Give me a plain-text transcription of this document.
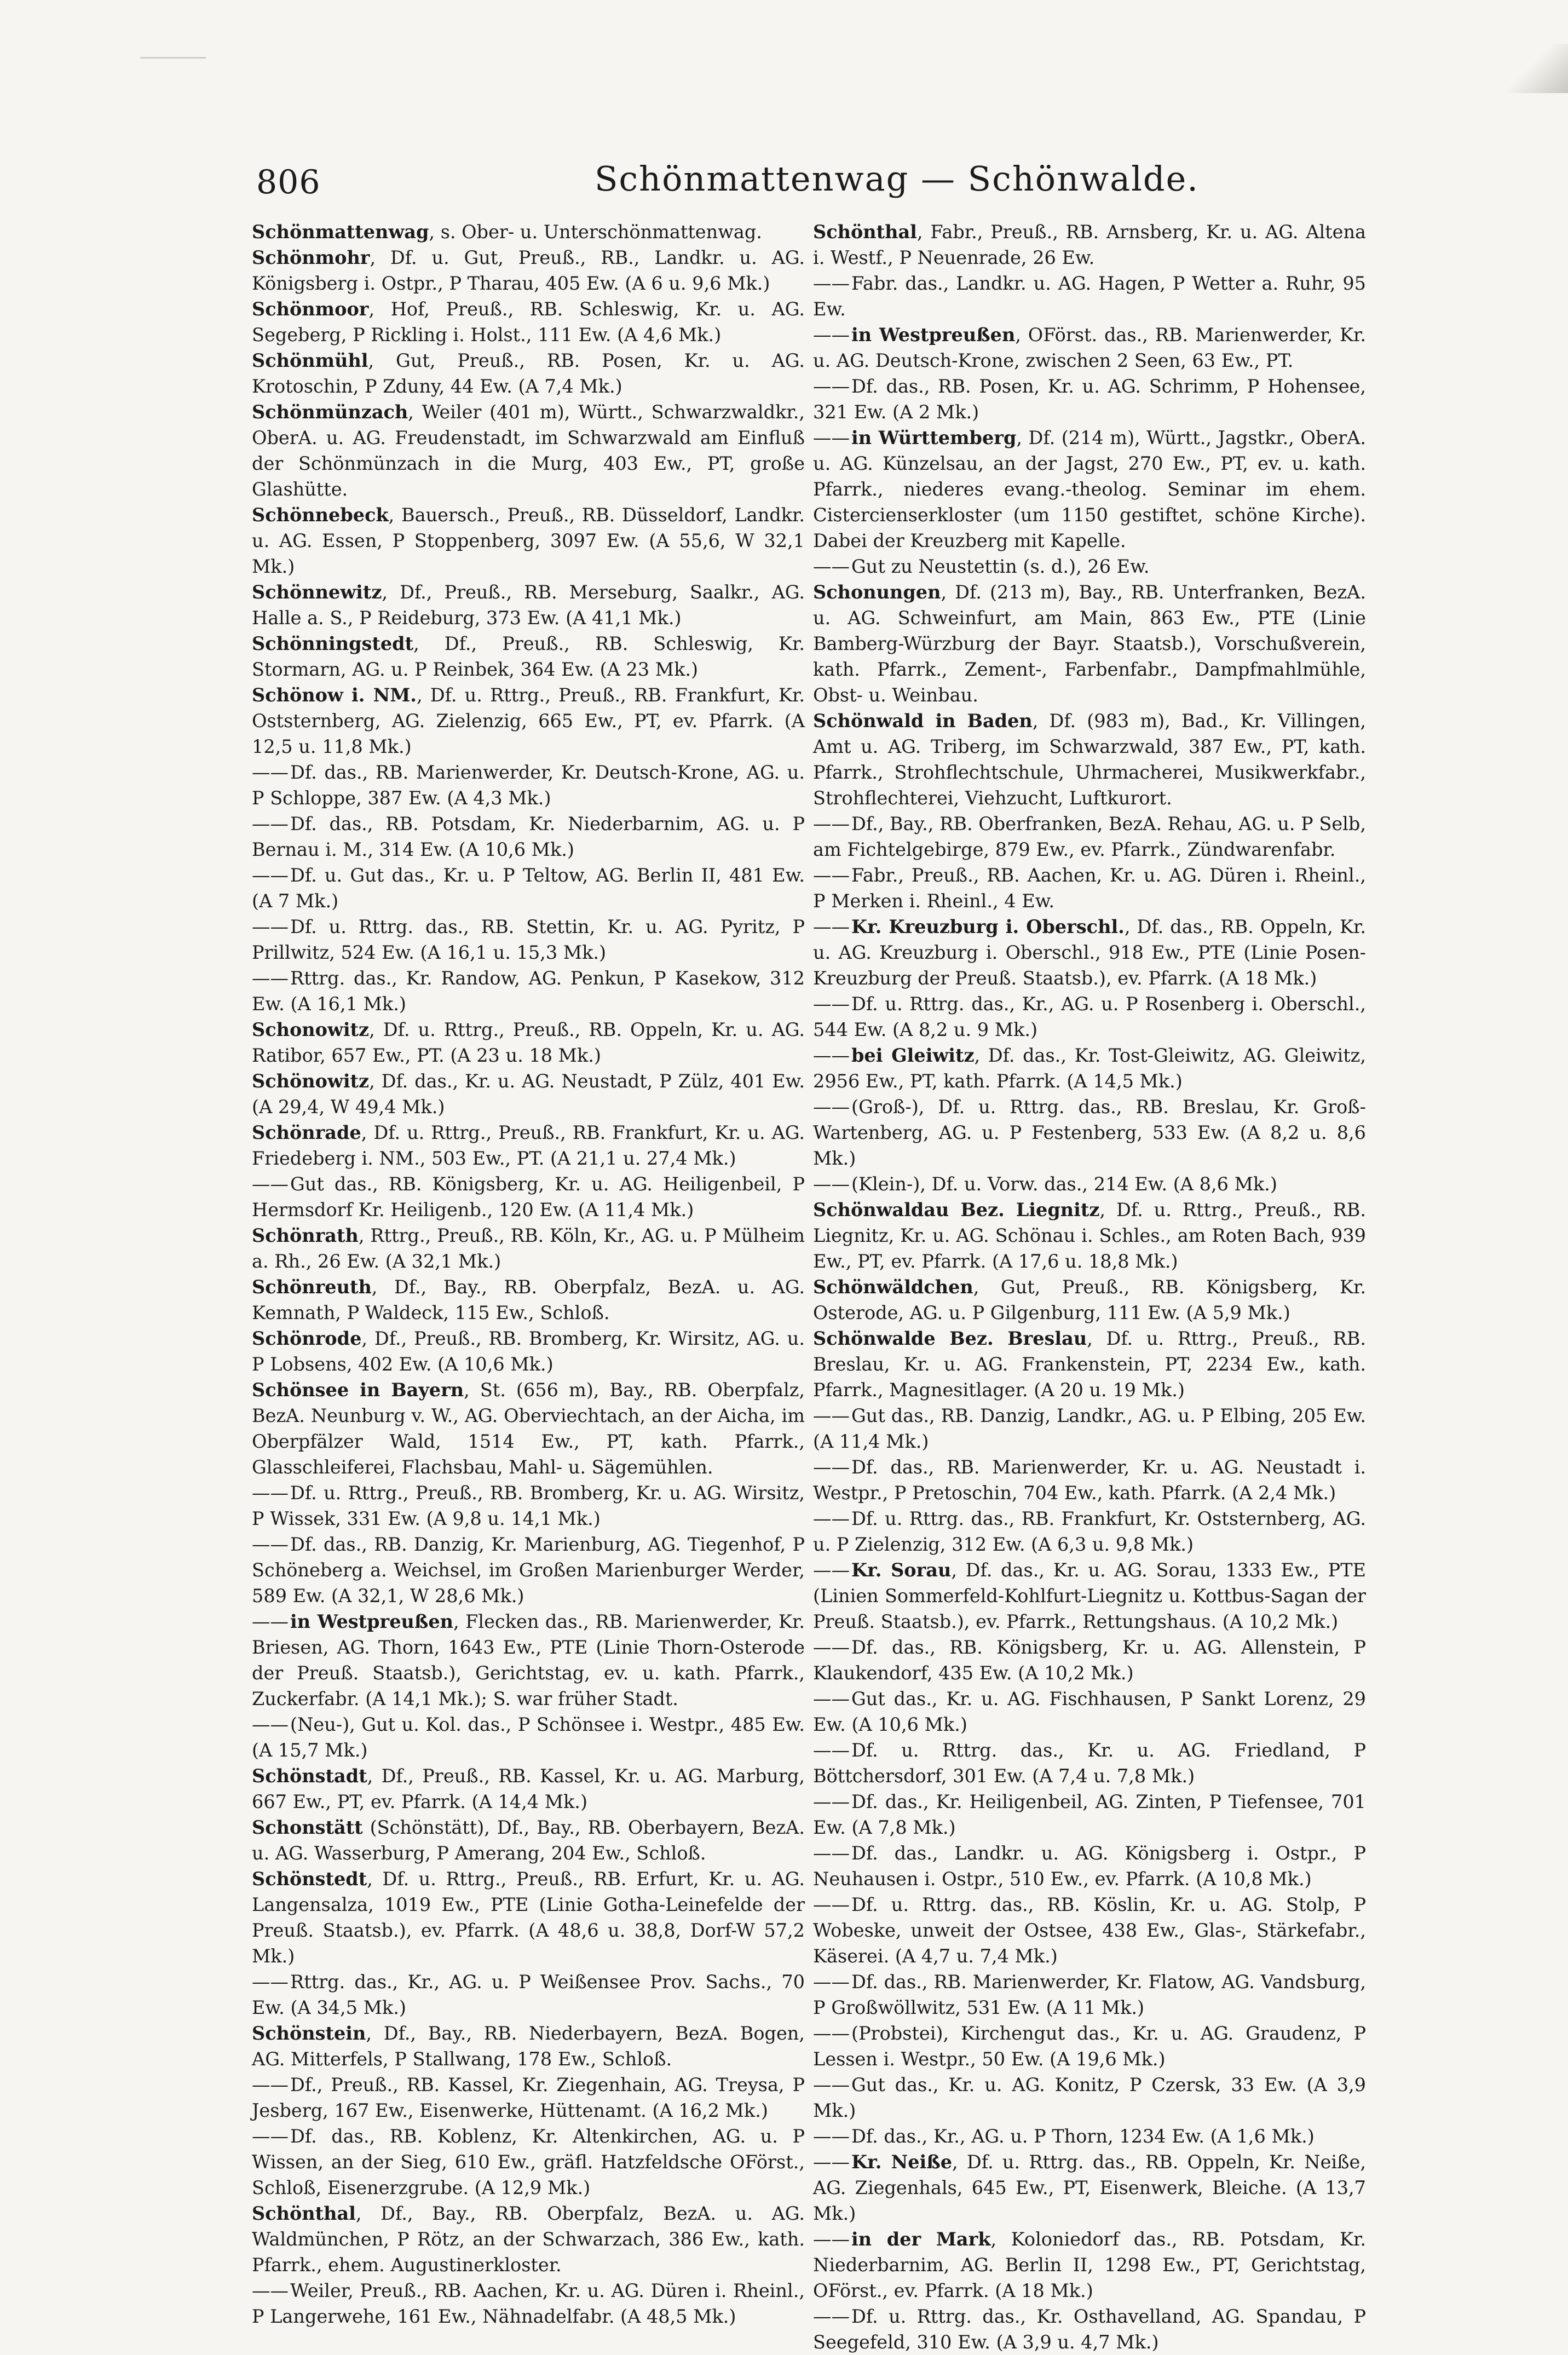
806	Schönmattenwag — Schönwalde.

Schönmattenwag, s. Ober- u. Unterschönmattenwag.

Schönmohr, Df. u. Gut, Preuß., RB., Landkr. u. AG. Königsberg i. Ostpr., P Tharau, 405 Ew. (A 6 u. 9,6 Mk.)

Schönmoor, Hof, Preuß., RB. Schleswig, Kr. u. AG. Segeberg, P Rickling i. Holst., 111 Ew. (A 4,6 Mk.)

Schönmühl, Gut, Preuß., RB. Posen, Kr. u. AG. Krotoschin, P Zduny, 44 Ew. (A 7,4 Mk.)

Schönmünzach, Weiler (401 m), Württ., Schwarzwaldkr., OberA. u. AG. Freudenstadt, im Schwarzwald am Einfluß der Schönmünzach in die Murg, 403 Ew., PT, große Glashütte.

Schönnebeck, Bauersch., Preuß., RB. Düsseldorf, Landkr. u. AG. Essen, P Stoppenberg, 3097 Ew. (A 55,6, W 32,1 Mk.)

Schönnewitz, Df., Preuß., RB. Merseburg, Saalkr., AG. Halle a. S., P Reideburg, 373 Ew. (A 41,1 Mk.)

Schönningstedt, Df., Preuß., RB. Schleswig, Kr. Stormarn, AG. u. P Reinbek, 364 Ew. (A 23 Mk.)

Schönow i. NM., Df. u. Rttrg., Preuß., RB. Frankfurt, Kr. Oststernberg, AG. Zielenzig, 665 Ew., PT, ev. Pfarrk. (A 12,5 u. 11,8 Mk.)

——Df. das., RB. Marienwerder, Kr. Deutsch-Krone, AG. u. P Schloppe, 387 Ew. (A 4,3 Mk.)

——Df. das., RB. Potsdam, Kr. Niederbarnim, AG. u. P Bernau i. M., 314 Ew. (A 10,6 Mk.)

——Df. u. Gut das., Kr. u. P Teltow, AG. Berlin II, 481 Ew. (A 7 Mk.)

——Df. u. Rttrg. das., RB. Stettin, Kr. u. AG. Pyritz, P Prillwitz, 524 Ew. (A 16,1 u. 15,3 Mk.)

——Rttrg. das., Kr. Randow, AG. Penkun, P Kasekow, 312 Ew. (A 16,1 Mk.)

Schonowitz, Df. u. Rttrg., Preuß., RB. Oppeln, Kr. u. AG. Ratibor, 657 Ew., PT. (A 23 u. 18 Mk.)

Schönowitz, Df. das., Kr. u. AG. Neustadt, P Zülz, 401 Ew. (A 29,4, W 49,4 Mk.)

Schönrade, Df. u. Rttrg., Preuß., RB. Frankfurt, Kr. u. AG. Friedeberg i. NM., 503 Ew., PT. (A 21,1 u. 27,4 Mk.)

——Gut das., RB. Königsberg, Kr. u. AG. Heiligenbeil, P Hermsdorf Kr. Heiligenb., 120 Ew. (A 11,4 Mk.)

Schönrath, Rttrg., Preuß., RB. Köln, Kr., AG. u. P Mülheim a. Rh., 26 Ew. (A 32,1 Mk.)

Schönreuth, Df., Bay., RB. Oberpfalz, BezA. u. AG. Kemnath, P Waldeck, 115 Ew., Schloß.

Schönrode, Df., Preuß., RB. Bromberg, Kr. Wirsitz, AG. u. P Lobsens, 402 Ew. (A 10,6 Mk.)

Schönsee in Bayern, St. (656 m), Bay., RB. Oberpfalz, BezA. Neunburg v. W., AG. Oberviechtach, an der Aicha, im Oberpfälzer Wald, 1514 Ew., PT, kath. Pfarrk., Glasschleiferei, Flachsbau, Mahl- u. Sägemühlen.

——Df. u. Rttrg., Preuß., RB. Bromberg, Kr. u. AG. Wirsitz, P Wissek, 331 Ew. (A 9,8 u. 14,1 Mk.)

——Df. das., RB. Danzig, Kr. Marienburg, AG. Tiegenhof, P Schöneberg a. Weichsel, im Großen Marienburger Werder, 589 Ew. (A 32,1, W 28,6 Mk.)

——in Westpreußen, Flecken das., RB. Marienwerder, Kr. Briesen, AG. Thorn, 1643 Ew., PTE (Linie Thorn-Osterode der Preuß. Staatsb.), Gerichtstag, ev. u. kath. Pfarrk., Zuckerfabr. (A 14,1 Mk.); S. war früher Stadt.

——(Neu-), Gut u. Kol. das., P Schönsee i. Westpr., 485 Ew. (A 15,7 Mk.)

Schönstadt, Df., Preuß., RB. Kassel, Kr. u. AG. Marburg, 667 Ew., PT, ev. Pfarrk. (A 14,4 Mk.)

Schonstätt (Schönstätt), Df., Bay., RB. Oberbayern, BezA. u. AG. Wasserburg, P Amerang, 204 Ew., Schloß.

Schönstedt, Df. u. Rttrg., Preuß., RB. Erfurt, Kr. u. AG. Langensalza, 1019 Ew., PTE (Linie Gotha-Leinefelde der Preuß. Staatsb.), ev. Pfarrk. (A 48,6 u. 38,8, Dorf-W 57,2 Mk.)

——Rttrg. das., Kr., AG. u. P Weißensee Prov. Sachs., 70 Ew. (A 34,5 Mk.)

Schönstein, Df., Bay., RB. Niederbayern, BezA. Bogen, AG. Mitterfels, P Stallwang, 178 Ew., Schloß.

——Df., Preuß., RB. Kassel, Kr. Ziegenhain, AG. Treysa, P Jesberg, 167 Ew., Eisenwerke, Hüttenamt. (A 16,2 Mk.)

——Df. das., RB. Koblenz, Kr. Altenkirchen, AG. u. P Wissen, an der Sieg, 610 Ew., gräfl. Hatzfeldsche OFörst., Schloß, Eisenerzgrube. (A 12,9 Mk.)

Schönthal, Df., Bay., RB. Oberpfalz, BezA. u. AG. Waldmünchen, P Rötz, an der Schwarzach, 386 Ew., kath. Pfarrk., ehem. Augustinerkloster.

——Weiler, Preuß., RB. Aachen, Kr. u. AG. Düren i. Rheinl., P Langerwehe, 161 Ew., Nähnadelfabr. (A 48,5 Mk.)

Schönthal, Fabr., Preuß., RB. Arnsberg, Kr. u. AG. Altena i. Westf., P Neuenrade, 26 Ew.

——Fabr. das., Landkr. u. AG. Hagen, P Wetter a. Ruhr, 95 Ew.

——in Westpreußen, OFörst. das., RB. Marienwerder, Kr. u. AG. Deutsch-Krone, zwischen 2 Seen, 63 Ew., PT.

——Df. das., RB. Posen, Kr. u. AG. Schrimm, P Hohensee, 321 Ew. (A 2 Mk.)

——in Württemberg, Df. (214 m), Württ., Jagstkr., OberA. u. AG. Künzelsau, an der Jagst, 270 Ew., PT, ev. u. kath. Pfarrk., niederes evang.-theolog. Seminar im ehem. Cistercienserkloster (um 1150 gestiftet, schöne Kirche). Dabei der Kreuzberg mit Kapelle.

——Gut zu Neustettin (s. d.), 26 Ew.

Schonungen, Df. (213 m), Bay., RB. Unterfranken, BezA. u. AG. Schweinfurt, am Main, 863 Ew., PTE (Linie Bamberg-Würzburg der Bayr. Staatsb.), Vorschußverein, kath. Pfarrk., Zement-, Farbenfabr., Dampfmahlmühle, Obst- u. Weinbau.

Schönwald in Baden, Df. (983 m), Bad., Kr. Villingen, Amt u. AG. Triberg, im Schwarzwald, 387 Ew., PT, kath. Pfarrk., Strohflechtschule, Uhrmacherei, Musikwerkfabr., Strohflechterei, Viehzucht, Luftkurort.

——Df., Bay., RB. Oberfranken, BezA. Rehau, AG. u. P Selb, am Fichtelgebirge, 879 Ew., ev. Pfarrk., Zündwarenfabr.

——Fabr., Preuß., RB. Aachen, Kr. u. AG. Düren i. Rheinl., P Merken i. Rheinl., 4 Ew.

——Kr. Kreuzburg i. Oberschl., Df. das., RB. Oppeln, Kr. u. AG. Kreuzburg i. Oberschl., 918 Ew., PTE (Linie Posen-Kreuzburg der Preuß. Staatsb.), ev. Pfarrk. (A 18 Mk.)

——Df. u. Rttrg. das., Kr., AG. u. P Rosenberg i. Oberschl., 544 Ew. (A 8,2 u. 9 Mk.)

——bei Gleiwitz, Df. das., Kr. Tost-Gleiwitz, AG. Gleiwitz, 2956 Ew., PT, kath. Pfarrk. (A 14,5 Mk.)

——(Groß-), Df. u. Rttrg. das., RB. Breslau, Kr. Groß-Wartenberg, AG. u. P Festenberg, 533 Ew. (A 8,2 u. 8,6 Mk.)

——(Klein-), Df. u. Vorw. das., 214 Ew. (A 8,6 Mk.)

Schönwaldau Bez. Liegnitz, Df. u. Rttrg., Preuß., RB. Liegnitz, Kr. u. AG. Schönau i. Schles., am Roten Bach, 939 Ew., PT, ev. Pfarrk. (A 17,6 u. 18,8 Mk.)

Schönwäldchen, Gut, Preuß., RB. Königsberg, Kr. Osterode, AG. u. P Gilgenburg, 111 Ew. (A 5,9 Mk.)

Schönwalde Bez. Breslau, Df. u. Rttrg., Preuß., RB. Breslau, Kr. u. AG. Frankenstein, PT, 2234 Ew., kath. Pfarrk., Magnesitlager. (A 20 u. 19 Mk.)

——Gut das., RB. Danzig, Landkr., AG. u. P Elbing, 205 Ew. (A 11,4 Mk.)

——Df. das., RB. Marienwerder, Kr. u. AG. Neustadt i. Westpr., P Pretoschin, 704 Ew., kath. Pfarrk. (A 2,4 Mk.)

——Df. u. Rttrg. das., RB. Frankfurt, Kr. Oststernberg, AG. u. P Zielenzig, 312 Ew. (A 6,3 u. 9,8 Mk.)

——Kr. Sorau, Df. das., Kr. u. AG. Sorau, 1333 Ew., PTE (Linien Sommerfeld-Kohlfurt-Liegnitz u. Kottbus-Sagan der Preuß. Staatsb.), ev. Pfarrk., Rettungshaus. (A 10,2 Mk.)

——Df. das., RB. Königsberg, Kr. u. AG. Allenstein, P Klaukendorf, 435 Ew. (A 10,2 Mk.)

——Gut das., Kr. u. AG. Fischhausen, P Sankt Lorenz, 29 Ew. (A 10,6 Mk.)

——Df. u. Rttrg. das., Kr. u. AG. Friedland, P Böttchersdorf, 301 Ew. (A 7,4 u. 7,8 Mk.)

——Df. das., Kr. Heiligenbeil, AG. Zinten, P Tiefensee, 701 Ew. (A 7,8 Mk.)

——Df. das., Landkr. u. AG. Königsberg i. Ostpr., P Neuhausen i. Ostpr., 510 Ew., ev. Pfarrk. (A 10,8 Mk.)

——Df. u. Rttrg. das., RB. Köslin, Kr. u. AG. Stolp, P Wobeske, unweit der Ostsee, 438 Ew., Glas-, Stärkefabr., Käserei. (A 4,7 u. 7,4 Mk.)

——Df. das., RB. Marienwerder, Kr. Flatow, AG. Vandsburg, P Großwöllwitz, 531 Ew. (A 11 Mk.)

——(Probstei), Kirchengut das., Kr. u. AG. Graudenz, P Lessen i. Westpr., 50 Ew. (A 19,6 Mk.)

——Gut das., Kr. u. AG. Konitz, P Czersk, 33 Ew. (A 3,9 Mk.)

——Df. das., Kr., AG. u. P Thorn, 1234 Ew. (A 1,6 Mk.)

——Kr. Neiße, Df. u. Rttrg. das., RB. Oppeln, Kr. Neiße, AG. Ziegenhals, 645 Ew., PT, Eisenwerk, Bleiche. (A 13,7 Mk.)

——in der Mark, Koloniedorf das., RB. Potsdam, Kr. Niederbarnim, AG. Berlin II, 1298 Ew., PT, Gerichtstag, OFörst., ev. Pfarrk. (A 18 Mk.)

——Df. u. Rttrg. das., Kr. Osthavelland, AG. Spandau, P Seegefeld, 310 Ew. (A 3,9 u. 4,7 Mk.)
